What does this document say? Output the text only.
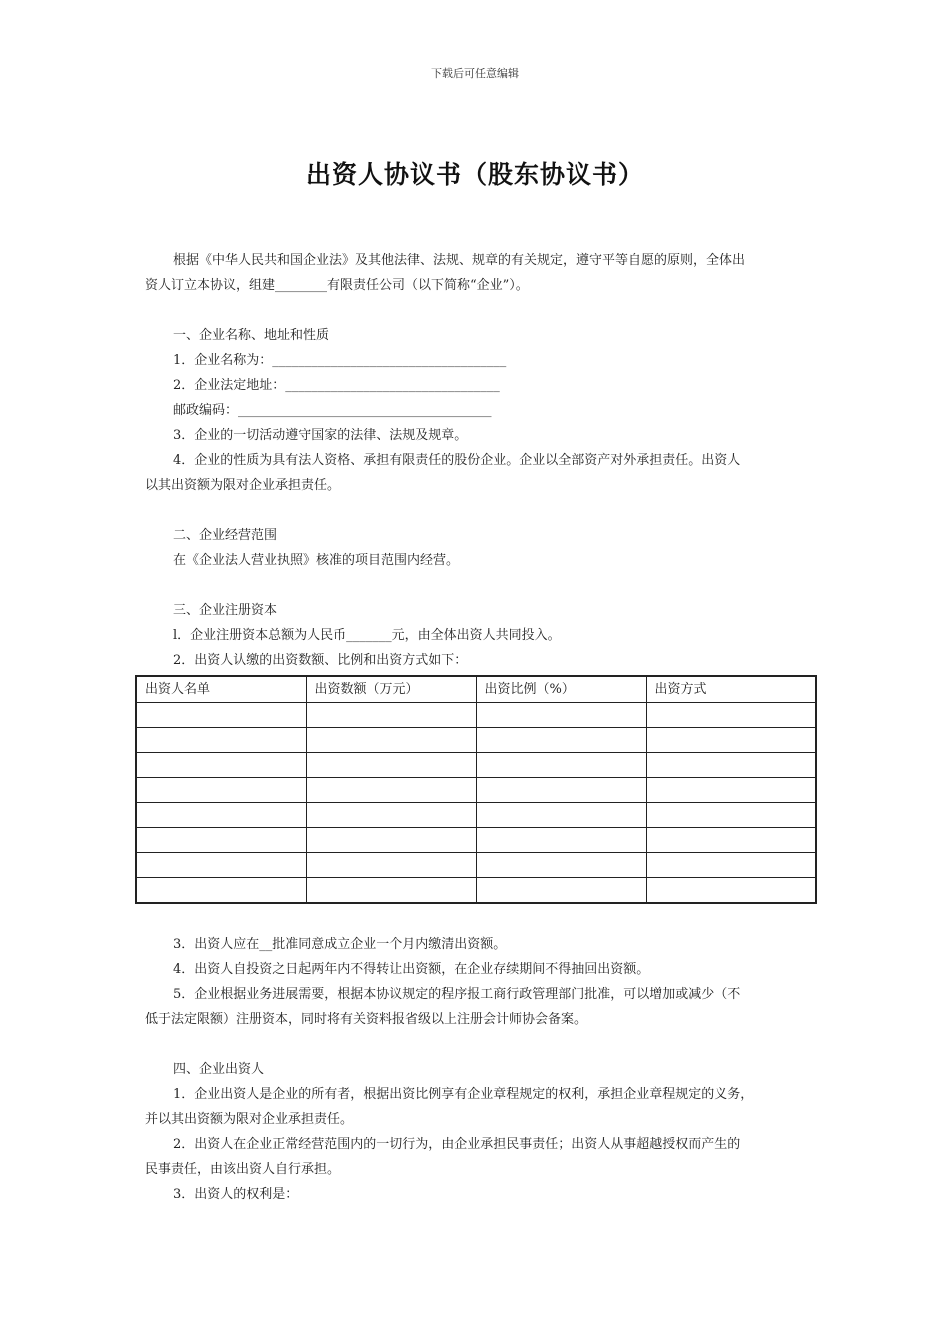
下载后可任意编辑
出资人协议书（股东协议书）

根据《中华人民共和国企业法》及其他法律、法规、规章的有关规定，遵守平等自愿的原则，全体出

资人订立本协议，组建________有限责任公司（以下简称“企业”）。

一、企业名称、地址和性质

1．企业名称为：____________________________________

2．企业法定地址：_________________________________

邮政编码：_______________________________________

3．企业的一切活动遵守国家的法律、法规及规章。

4．企业的性质为具有法人资格、承担有限责任的股份企业。企业以全部资产对外承担责任。出资人

以其出资额为限对企业承担责任。

二、企业经营范围

在《企业法人营业执照》核准的项目范围内经营。

三、企业注册资本

l．企业注册资本总额为人民币_______元，由全体出资人共同投入。

2．出资人认缴的出资数额、比例和出资方式如下：

出资人名单	出资数额（万元）	出资比例（%）	出资方式

3．出资人应在__批准同意成立企业一个月内缴清出资额。

4．出资人自投资之日起两年内不得转让出资额，在企业存续期间不得抽回出资额。

5．企业根据业务进展需要，根据本协议规定的程序报工商行政管理部门批准，可以增加或减少（不

低于法定限额）注册资本，同时将有关资料报省级以上注册会计师协会备案。

四、企业出资人

1．企业出资人是企业的所有者，根据出资比例享有企业章程规定的权利，承担企业章程规定的义务，

并以其出资额为限对企业承担责任。

2．出资人在企业正常经营范围内的一切行为，由企业承担民事责任；出资人从事超越授权而产生的

民事责任，由该出资人自行承担。

3．出资人的权利是：
